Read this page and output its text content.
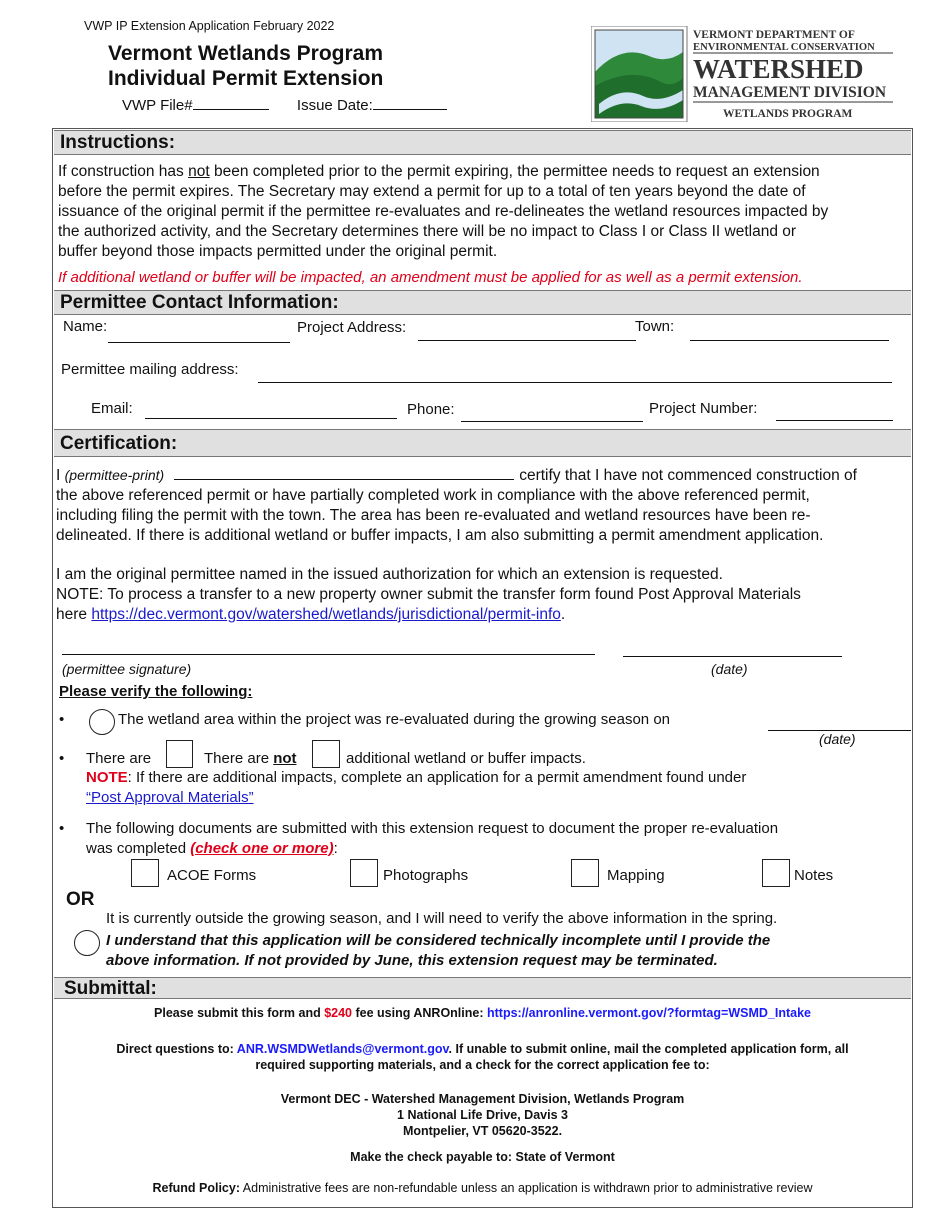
VWP IP Extension Application February 2022
Vermont Wetlands Program
Individual Permit Extension
VWP File#	Issue Date:
VERMONT DEPARTMENT OF
ENVIRONMENTAL CONSERVATION
WATERSHED
MANAGEMENT DIVISION
WETLANDS PROGRAM
Instructions:
If construction has not been completed prior to the permit expiring, the permittee needs to request an extension
before the permit expires. The Secretary may extend a permit for up to a total of ten years beyond the date of
issuance of the original permit if the permittee re-evaluates and re-delineates the wetland resources impacted by
the authorized activity, and the Secretary determines there will be no impact to Class I or Class II wetland or
buffer beyond those impacts permitted under the original permit.
If additional wetland or buffer will be impacted, an amendment must be applied for as well as a permit extension.
Permittee Contact Information:
Name:	Project Address:	Town:
Permittee mailing address:
Email:	Phone:	Project Number:
Certification:
I (permittee-print)	certify that I have not commenced construction of
the above referenced permit or have partially completed work in compliance with the above referenced permit,
including filing the permit with the town. The area has been re-evaluated and wetland resources have been re-
delineated. If there is additional wetland or buffer impacts, I am also submitting a permit amendment application.
I am the original permittee named in the issued authorization for which an extension is requested.
NOTE: To process a transfer to a new property owner submit the transfer form found Post Approval Materials
here https://dec.vermont.gov/watershed/wetlands/jurisdictional/permit-info.
(permittee signature)	(date)
Please verify the following:
•	The wetland area within the project was re-evaluated during the growing season on
(date)
• There are	There are not	additional wetland or buffer impacts.
NOTE: If there are additional impacts, complete an application for a permit amendment found under
“Post Approval Materials”
• The following documents are submitted with this extension request to document the proper re-evaluation
was completed (check one or more):
ACOE Forms	Photographs	Mapping	Notes
OR
It is currently outside the growing season, and I will need to verify the above information in the spring.
I understand that this application will be considered technically incomplete until I provide the
above information. If not provided by June, this extension request may be terminated.
Submittal:
Please submit this form and $240 fee using ANROnline: https://anronline.vermont.gov/?formtag=WSMD_Intake
Direct questions to: ANR.WSMDWetlands@vermont.gov. If unable to submit online, mail the completed application form, all
required supporting materials, and a check for the correct application fee to:
Vermont DEC - Watershed Management Division, Wetlands Program
1 National Life Drive, Davis 3
Montpelier, VT 05620-3522.
Make the check payable to: State of Vermont
Refund Policy: Administrative fees are non-refundable unless an application is withdrawn prior to administrative review
